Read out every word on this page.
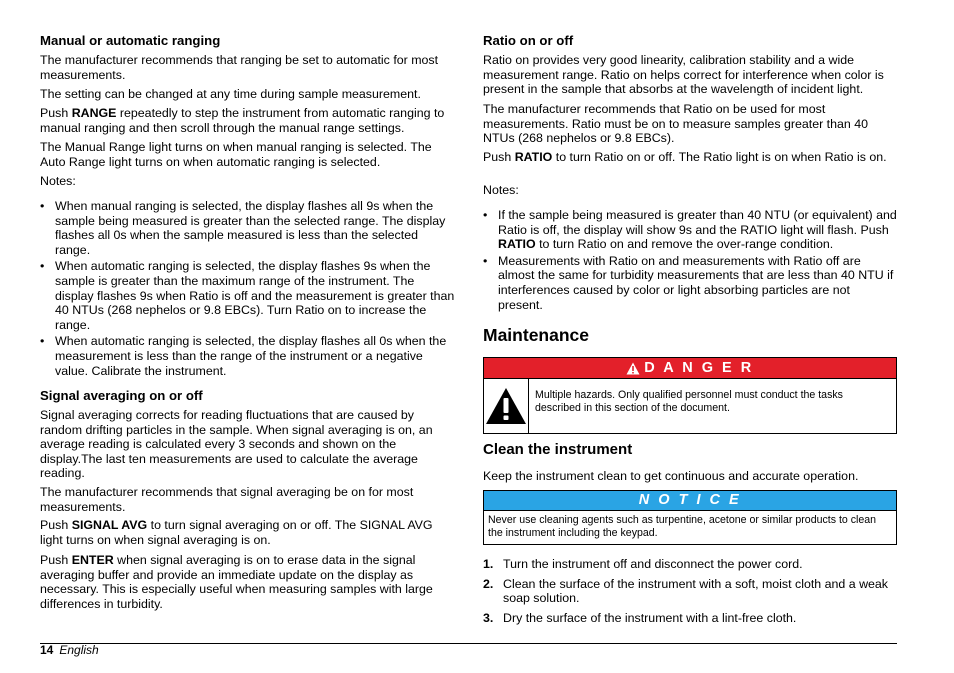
Manual or automatic ranging

The manufacturer recommends that ranging be set to automatic for most measurements.

The setting can be changed at any time during sample measurement.

Push RANGE repeatedly to step the instrument from automatic ranging to manual ranging and then scroll through the manual range settings.

The Manual Range light turns on when manual ranging is selected. The Auto Range light turns on when automatic ranging is selected.

Notes:

• When manual ranging is selected, the display flashes all 9s when the sample being measured is greater than the selected range. The display flashes all 0s when the sample measured is less than the selected range.
• When automatic ranging is selected, the display flashes 9s when the sample is greater than the maximum range of the instrument. The display flashes 9s when Ratio is off and the measurement is greater than 40 NTUs (268 nephelos or 9.8 EBCs). Turn Ratio on to increase the range.
• When automatic ranging is selected, the display flashes all 0s when the measurement is less than the range of the instrument or a negative value. Calibrate the instrument.
Signal averaging on or off

Signal averaging corrects for reading fluctuations that are caused by random drifting particles in the sample. When signal averaging is on, an average reading is calculated every 3 seconds and shown on the display.The last ten measurements are used to calculate the average reading.

The manufacturer recommends that signal averaging be on for most measurements.

Push SIGNAL AVG to turn signal averaging on or off. The SIGNAL AVG light turns on when signal averaging is on.

Push ENTER when signal averaging is on to erase data in the signal averaging buffer and provide an immediate update on the display as necessary. This is especially useful when measuring samples with large differences in turbidity.

Ratio on or off

Ratio on provides very good linearity, calibration stability and a wide measurement range. Ratio on helps correct for interference when color is present in the sample that absorbs at the wavelength of incident light.

The manufacturer recommends that Ratio on be used for most measurements. Ratio must be on to measure samples greater than 40 NTUs (268 nephelos or 9.8 EBCs).

Push RATIO to turn Ratio on or off. The Ratio light is on when Ratio is on.

Notes:

• If the sample being measured is greater than 40 NTU (or equivalent) and Ratio is off, the display will show 9s and the RATIO light will flash. Push RATIO to turn Ratio on and remove the over-range condition.
• Measurements with Ratio on and measurements with Ratio off are almost the same for turbidity measurements that are less than 40 NTU if interferences caused by color or light absorbing particles are not present.
Maintenance
D A N G E R
Multiple hazards. Only qualified personnel must conduct the tasks described in this section of the document.
Clean the instrument

Keep the instrument clean to get continuous and accurate operation.

N O T I C E
Never use cleaning agents such as turpentine, acetone or similar products to clean the instrument including the keypad.
1. Turn the instrument off and disconnect the power cord.
2. Clean the surface of the instrument with a soft, moist cloth and a weak soap solution.
3. Dry the surface of the instrument with a lint-free cloth.
14 English
